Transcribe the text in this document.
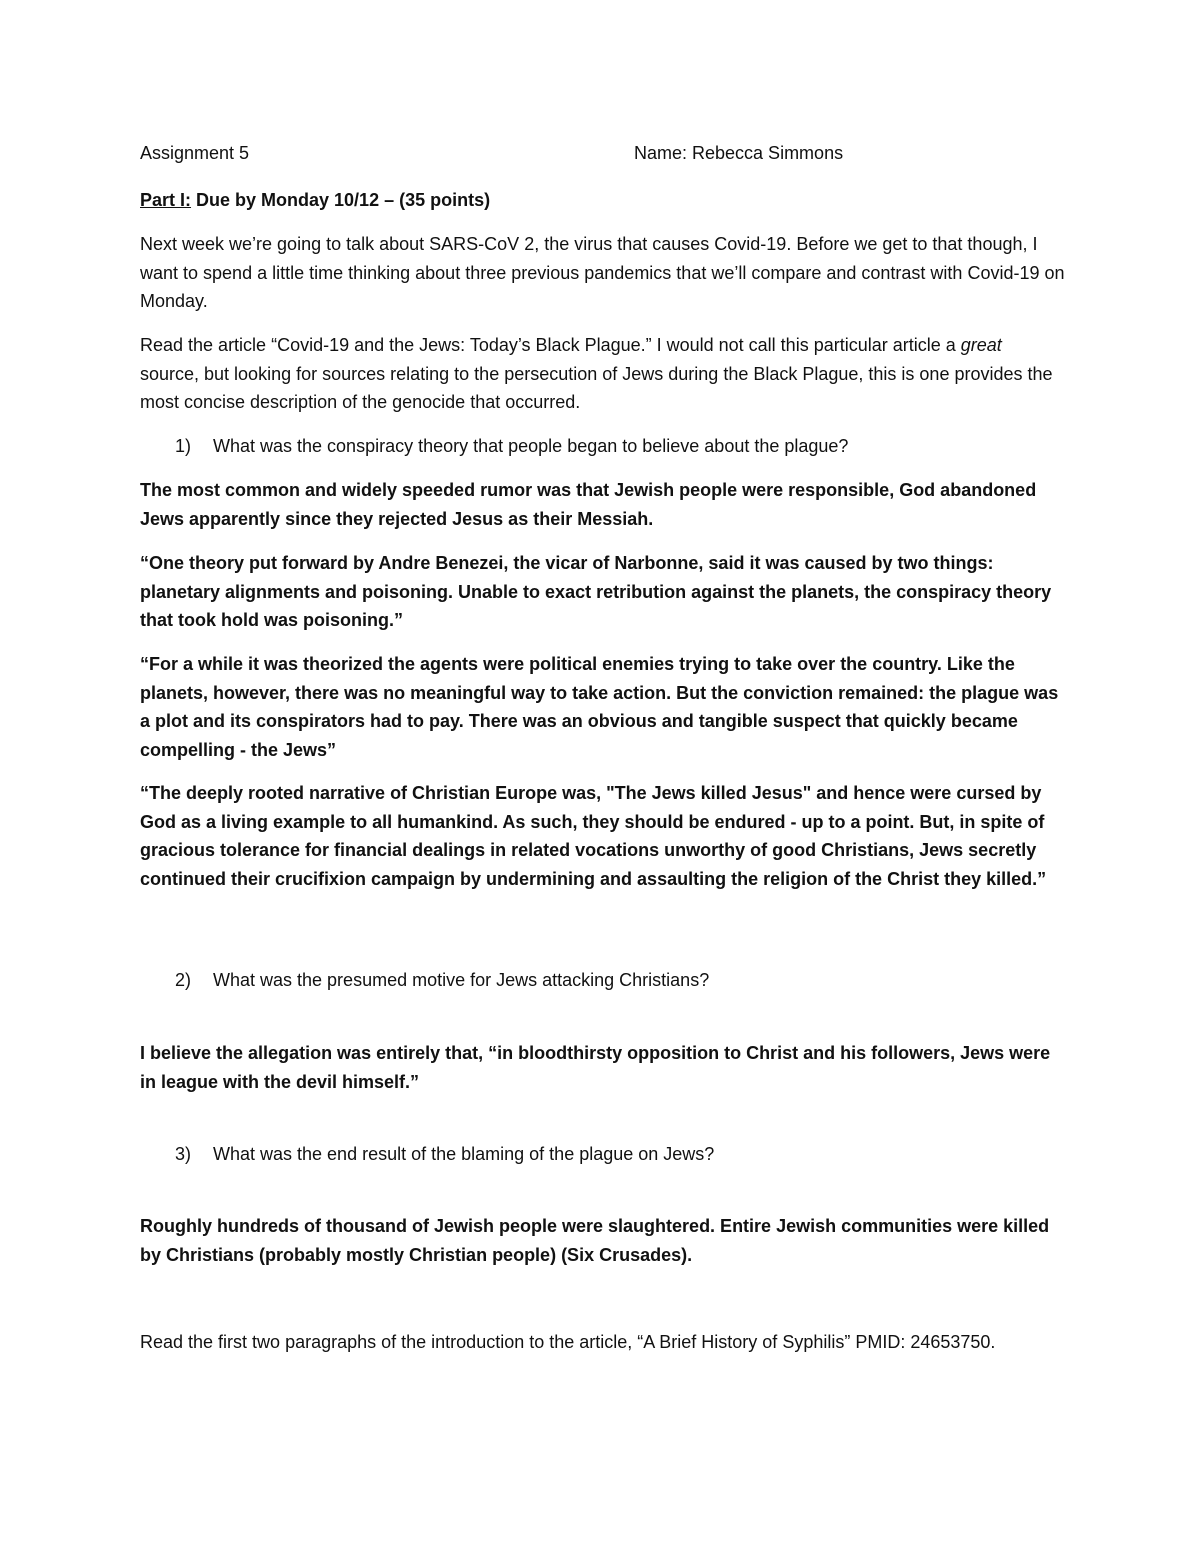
Assignment 5	Name: Rebecca Simmons

Part I: Due by Monday 10/12 – (35 points)

Next week we’re going to talk about SARS-CoV 2, the virus that causes Covid-19. Before we get to that though, I want to spend a little time thinking about three previous pandemics that we’ll compare and contrast with Covid-19 on Monday.

Read the article “Covid-19 and the Jews: Today’s Black Plague.” I would not call this particular article a great source, but looking for sources relating to the persecution of Jews during the Black Plague, this is one provides the most concise description of the genocide that occurred.

1) What was the conspiracy theory that people began to believe about the plague?

The most common and widely speeded rumor was that Jewish people were responsible, God abandoned Jews apparently since they rejected Jesus as their Messiah.

“One theory put forward by Andre Benezei, the vicar of Narbonne, said it was caused by two things: planetary alignments and poisoning. Unable to exact retribution against the planets, the conspiracy theory that took hold was poisoning.”

“For a while it was theorized the agents were political enemies trying to take over the country. Like the planets, however, there was no meaningful way to take action. But the conviction remained: the plague was a plot and its conspirators had to pay. There was an obvious and tangible suspect that quickly became compelling - the Jews”

“The deeply rooted narrative of Christian Europe was, "The Jews killed Jesus" and hence were cursed by God as a living example to all humankind. As such, they should be endured - up to a point. But, in spite of gracious tolerance for financial dealings in related vocations unworthy of good Christians, Jews secretly continued their crucifixion campaign by undermining and assaulting the religion of the Christ they killed.”

2) What was the presumed motive for Jews attacking Christians?

I believe the allegation was entirely that, “in bloodthirsty opposition to Christ and his followers, Jews were in league with the devil himself.”

3) What was the end result of the blaming of the plague on Jews?

Roughly hundreds of thousand of Jewish people were slaughtered. Entire Jewish communities were killed by Christians (probably mostly Christian people) (Six Crusades).

Read the first two paragraphs of the introduction to the article, “A Brief History of Syphilis” PMID: 24653750.
